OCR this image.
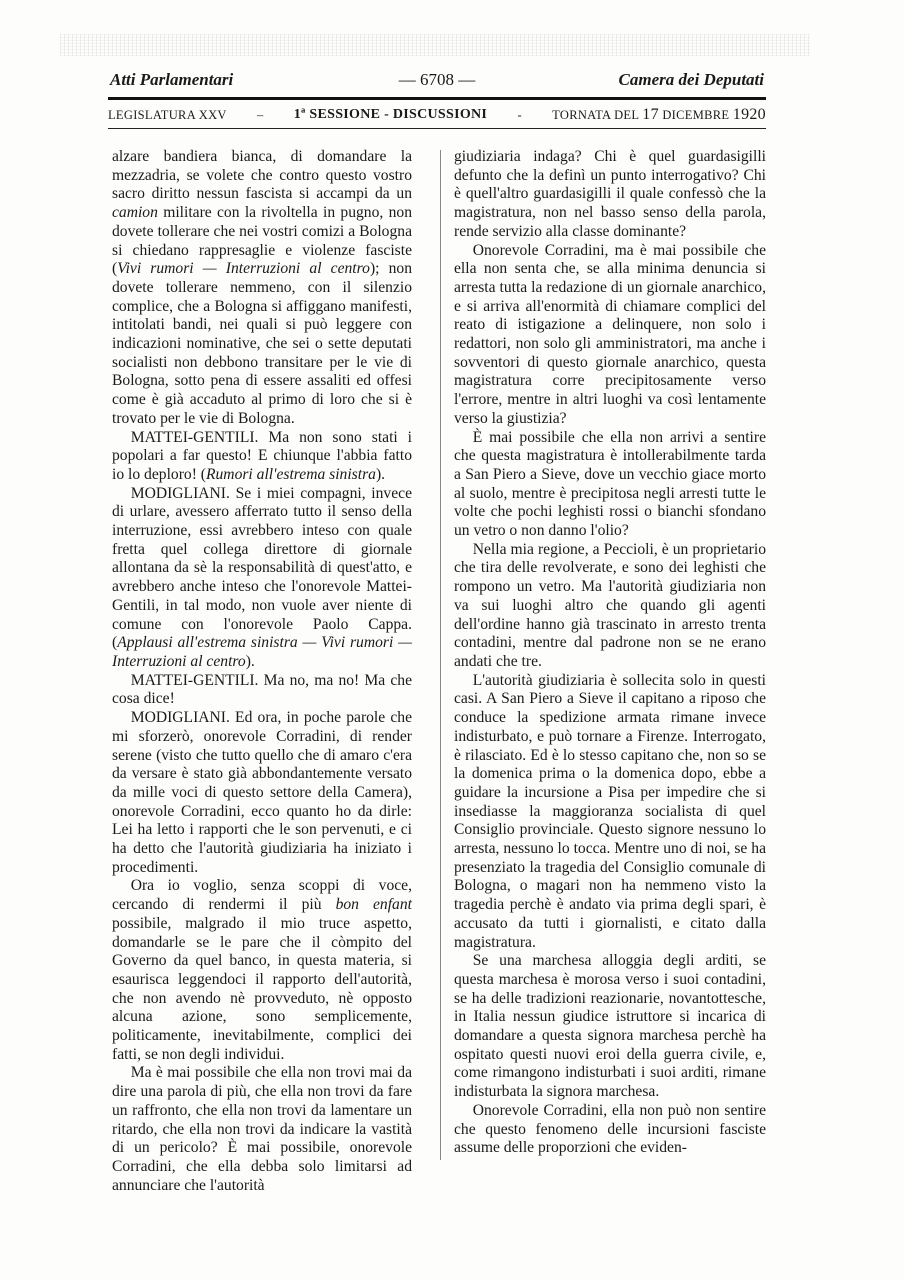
Atti Parlamentari	— 6708 —	Camera dei Deputati
LEGISLATURA XXV – 1ª SESSIONE - DISCUSSIONI - TORNATA DEL 17 DICEMBRE 1920

alzare bandiera bianca, di domandare la mezzadria, se volete che contro questo vostro sacro diritto nessun fascista si accampi da un camion militare con la rivoltella in pugno, non dovete tollerare che nei vostri comizi a Bologna si chiedano rappresaglie e violenze fasciste (Vivi rumori — Interruzioni al centro); non dovete tollerare nemmeno, con il silenzio complice, che a Bologna si affiggano manifesti, intitolati bandi, nei quali si può leggere con indicazioni nominative, che sei o sette deputati socialisti non debbono transitare per le vie di Bologna, sotto pena di essere assaliti ed offesi come è già accaduto al primo di loro che si è trovato per le vie di Bologna.

MATTEI-GENTILI. Ma non sono stati i popolari a far questo! E chiunque l'abbia fatto io lo deploro! (Rumori all'estrema sinistra).

MODIGLIANI. Se i miei compagni, invece di urlare, avessero afferrato tutto il senso della interruzione, essi avrebbero inteso con quale fretta quel collega direttore di giornale allontana da sè la responsabilità di quest'atto, e avrebbero anche inteso che l'onorevole Mattei-Gentili, in tal modo, non vuole aver niente di comune con l'onorevole Paolo Cappa. (Applausi all'estrema sinistra — Vivi rumori — Interruzioni al centro).

MATTEI-GENTILI. Ma no, ma no! Ma che cosa dice!

MODIGLIANI. Ed ora, in poche parole che mi sforzerò, onorevole Corradini, di render serene (visto che tutto quello che di amaro c'era da versare è stato già abbondantemente versato da mille voci di questo settore della Camera), onorevole Corradini, ecco quanto ho da dirle: Lei ha letto i rapporti che le son pervenuti, e ci ha detto che l'autorità giudiziaria ha iniziato i procedimenti.

Ora io voglio, senza scoppi di voce, cercando di rendermi il più bon enfant possibile, malgrado il mio truce aspetto, domandarle se le pare che il còmpito del Governo da quel banco, in questa materia, si esaurisca leggendoci il rapporto dell'autorità, che non avendo nè provveduto, nè opposto alcuna azione, sono semplicemente, politicamente, inevitabilmente, complici dei fatti, se non degli individui.

Ma è mai possibile che ella non trovi mai da dire una parola di più, che ella non trovi da fare un raffronto, che ella non trovi da lamentare un ritardo, che ella non trovi da indicare la vastità di un pericolo? È mai possibile, onorevole Corradini, che ella debba solo limitarsi ad annunciare che l'autorità

giudiziaria indaga? Chi è quel guardasigilli defunto che la definì un punto interrogativo? Chi è quell'altro guardasigilli il quale confessò che la magistratura, non nel basso senso della parola, rende servizio alla classe dominante?

Onorevole Corradini, ma è mai possibile che ella non senta che, se alla minima denuncia si arresta tutta la redazione di un giornale anarchico, e si arriva all'enormità di chiamare complici del reato di istigazione a delinquere, non solo i redattori, non solo gli amministratori, ma anche i sovventori di questo giornale anarchico, questa magistratura corre precipitosamente verso l'errore, mentre in altri luoghi va così lentamente verso la giustizia?

È mai possibile che ella non arrivi a sentire che questa magistratura è intollerabilmente tarda a San Piero a Sieve, dove un vecchio giace morto al suolo, mentre è precipitosa negli arresti tutte le volte che pochi leghisti rossi o bianchi sfondano un vetro o non danno l'olio?

Nella mia regione, a Peccioli, è un proprietario che tira delle revolverate, e sono dei leghisti che rompono un vetro. Ma l'autorità giudiziaria non va sui luoghi altro che quando gli agenti dell'ordine hanno già trascinato in arresto trenta contadini, mentre dal padrone non se ne erano andati che tre.

L'autorità giudiziaria è sollecita solo in questi casi. A San Piero a Sieve il capitano a riposo che conduce la spedizione armata rimane invece indisturbato, e può tornare a Firenze. Interrogato, è rilasciato. Ed è lo stesso capitano che, non so se la domenica prima o la domenica dopo, ebbe a guidare la incursione a Pisa per impedire che si insediasse la maggioranza socialista di quel Consiglio provinciale. Questo signore nessuno lo arresta, nessuno lo tocca. Mentre uno di noi, se ha presenziato la tragedia del Consiglio comunale di Bologna, o magari non ha nemmeno visto la tragedia perchè è andato via prima degli spari, è accusato da tutti i giornalisti, e citato dalla magistratura.

Se una marchesa alloggia degli arditi, se questa marchesa è morosa verso i suoi contadini, se ha delle tradizioni reazionarie, novantottesche, in Italia nessun giudice istruttore si incarica di domandare a questa signora marchesa perchè ha ospitato questi nuovi eroi della guerra civile, e, come rimangono indisturbati i suoi arditi, rimane indisturbata la signora marchesa.

Onorevole Corradini, ella non può non sentire che questo fenomeno delle incursioni fasciste assume delle proporzioni che eviden-
